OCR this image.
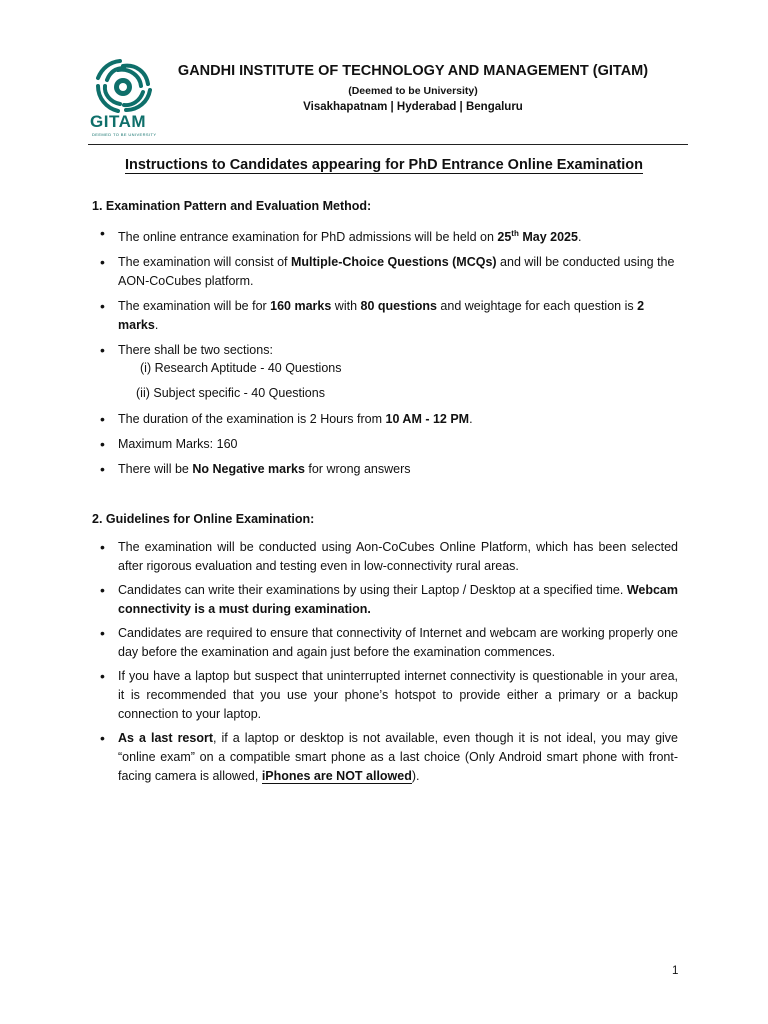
GITAM
DEEMED TO BE UNIVERSITY
GANDHI INSTITUTE OF TECHNOLOGY AND MANAGEMENT (GITAM)
(Deemed to be University)
Visakhapatnam | Hyderabad | Bengaluru
Instructions to Candidates appearing for PhD Entrance Online Examination
1. Examination Pattern and Evaluation Method:
• The online entrance examination for PhD admissions will be held on 25th May 2025.
• The examination will consist of Multiple-Choice Questions (MCQs) and will be conducted using the AON-CoCubes platform.
• The examination will be for 160 marks with 80 questions and weightage for each question is 2 marks.
• There shall be two sections:
(i) Research Aptitude - 40 Questions
(ii) Subject specific - 40 Questions
• The duration of the examination is 2 Hours from 10 AM - 12 PM.
• Maximum Marks: 160
• There will be No Negative marks for wrong answers
2. Guidelines for Online Examination:
• The examination will be conducted using Aon-CoCubes Online Platform, which has been selected after rigorous evaluation and testing even in low-connectivity rural areas.
• Candidates can write their examinations by using their Laptop / Desktop at a specified time. Webcam connectivity is a must during examination.
• Candidates are required to ensure that connectivity of Internet and webcam are working properly one day before the examination and again just before the examination commences.
• If you have a laptop but suspect that uninterrupted internet connectivity is questionable in your area, it is recommended that you use your phone’s hotspot to provide either a primary or a backup connection to your laptop.
• As a last resort, if a laptop or desktop is not available, even though it is not ideal, you may give “online exam” on a compatible smart phone as a last choice (Only Android smart phone with front-facing camera is allowed, iPhones are NOT allowed).
1
